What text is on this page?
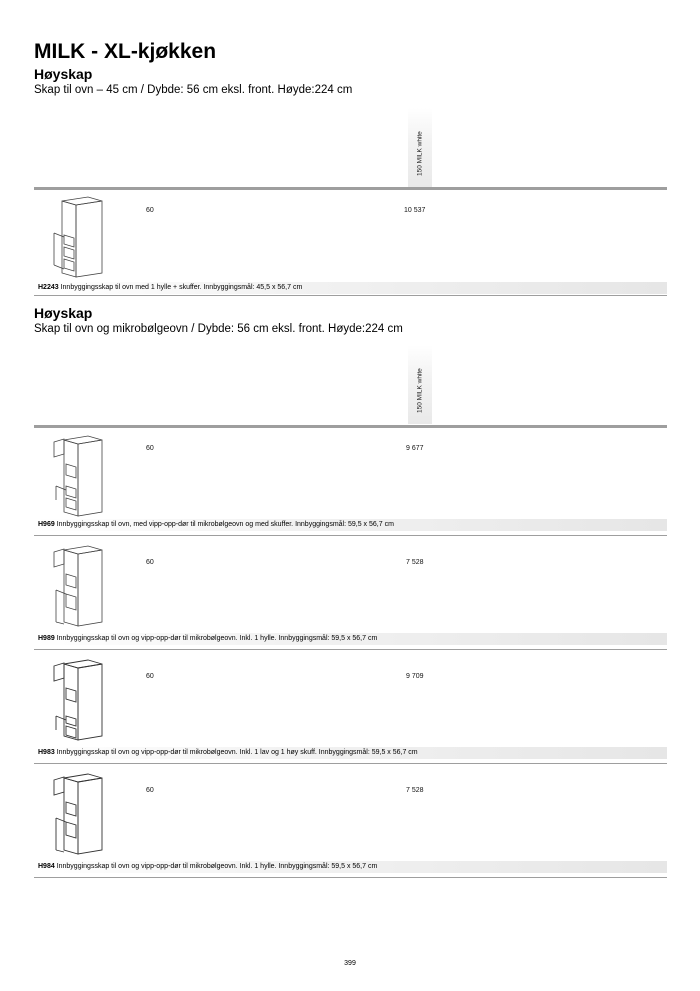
MILK - XL-kjøkken
Høyskap
Skap til ovn – 45 cm / Dybde: 56 cm eksl. front. Høyde:224 cm
150 MILK white
60	10 537
H2243 Innbyggingsskap til ovn med 1 hylle + skuffer. Innbyggingsmål: 45,5 x 56,7 cm
Høyskap
Skap til ovn og mikrobølgeovn / Dybde: 56 cm eksl. front. Høyde:224 cm
150 MILK white
60	9 677
H969 Innbyggingsskap til ovn, med vipp-opp-dør til mikrobølgeovn og med skuffer. Innbyggingsmål: 59,5 x 56,7 cm
60	7 528
H989 Innbyggingsskap til ovn og vipp-opp-dør til mikrobølgeovn. Inkl. 1 hylle. Innbyggingsmål: 59,5 x 56,7 cm
60	9 709
H983 Innbyggingsskap til ovn og vipp-opp-dør til mikrobølgeovn. Inkl. 1 lav og 1 høy skuff. Innbyggingsmål: 59,5 x 56,7 cm
60	7 528
H984 Innbyggingsskap til ovn og vipp-opp-dør til mikrobølgeovn. Inkl. 1 hylle. Innbyggingsmål: 59,5 x 56,7 cm
399
